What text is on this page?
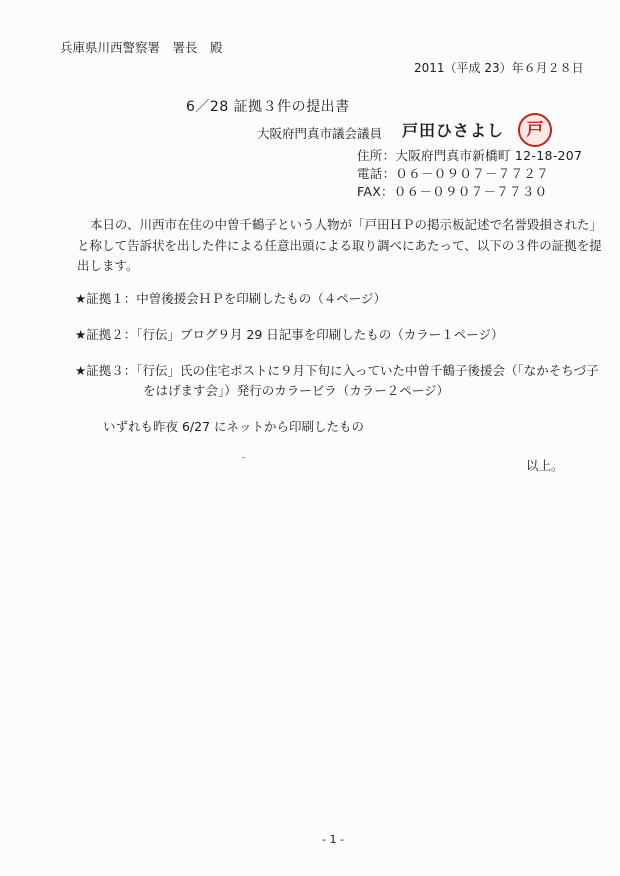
兵庫県川西警察署　署長　殿
2011（平成 23）年６月２８日
6／28 証拠３件の提出書
大阪府門真市議会議員 戸田ひさよし	戸
住所：大阪府門真市新橋町 12-18-207
電話：０６－０９０７－７７２７
FAX：０６－０９０７－７７３０
本日の、川西市在住の中曽千鶴子という人物が「戸田ＨＰの掲示板記述で名誉毀損された」
と称して告訴状を出した件による任意出頭による取り調べにあたって、以下の３件の証拠を提
出します。
★証拠１：中曽後援会ＨＰを印刷したもの（４ページ）
★証拠２：「行伝」ブログ９月 29 日記事を印刷したもの（カラー１ページ）
★証拠３：「行伝」氏の住宅ポストに９月下旬に入っていた中曽千鶴子後援会（「なかそちづ子
をはげます会」）発行のカラービラ（カラー２ページ）
いずれも昨夜 6/27 にネットから印刷したもの
以上。
- 1 -
